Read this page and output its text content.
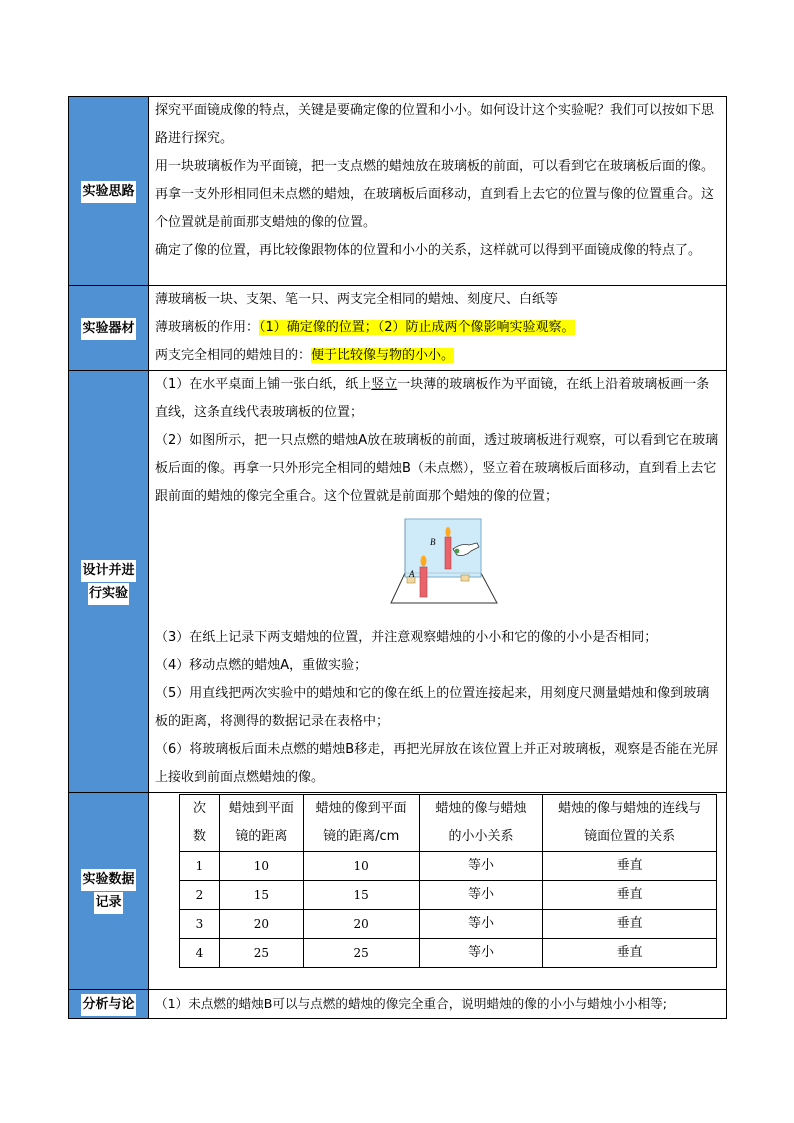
实验思路	

探究平面镜成像的特点，关键是要确定像的位置和小小。如何设计这个实验呢？我们可以按如下思路进行探究。

用一块玻璃板作为平面镜，把一支点燃的蜡烛放在玻璃板的前面，可以看到它在玻璃板后面的像。再拿一支外形相同但未点燃的蜡烛，在玻璃板后面移动，直到看上去它的位置与像的位置重合。这个位置就是前面那支蜡烛的像的位置。

确定了像的位置，再比较像跟物体的位置和小小的关系，这样就可以得到平面镜成像的特点了。

实验器材	

薄玻璃板一块、支架、笔一只、两支完全相同的蜡烛、刻度尺、白纸等

薄玻璃板的作用：（1）确定像的位置；（2）防止成两个像影响实验观察。

两支完全相同的蜡烛目的：便于比较像与物的小小。

设计并进
行实验	

（1）在水平桌面上铺一张白纸，纸上竖立一块薄的玻璃板作为平面镜，在纸上沿着玻璃板画一条直线，这条直线代表玻璃板的位置；

（2）如图所示，把一只点燃的蜡烛A放在玻璃板的前面，透过玻璃板进行观察，可以看到它在玻璃板后面的像。再拿一只外形完全相同的蜡烛B（未点燃），竖立着在玻璃板后面移动，直到看上去它跟前面的蜡烛的像完全重合。这个位置就是前面那个蜡烛的像的位置；

A
B

（3）在纸上记录下两支蜡烛的位置，并注意观察蜡烛的小小和它的像的小小是否相同；

（4）移动点燃的蜡烛A，重做实验；

（5）用直线把两次实验中的蜡烛和它的像在纸上的位置连接起来，用刻度尺测量蜡烛和像到玻璃板的距离，将测得的数据记录在表格中；

（6）将玻璃板后面未点燃的蜡烛B移走，再把光屏放在该位置上并正对玻璃板，观察是否能在光屏上接收到前面点燃蜡烛的像。

实验数据
记录	
次
数	蜡烛到平面
镜的距离	蜡烛的像到平面
镜的距离/cm	蜡烛的像与蜡烛
的小小关系	蜡烛的像与蜡烛的连线与
镜面位置的关系
1	10	10	等小	垂直
2	15	15	等小	垂直
3	20	20	等小	垂直
4	25	25	等小	垂直

分析与论	（1）未点燃的蜡烛B可以与点燃的蜡烛的像完全重合，说明蜡烛的像的小小与蜡烛小小相等;
